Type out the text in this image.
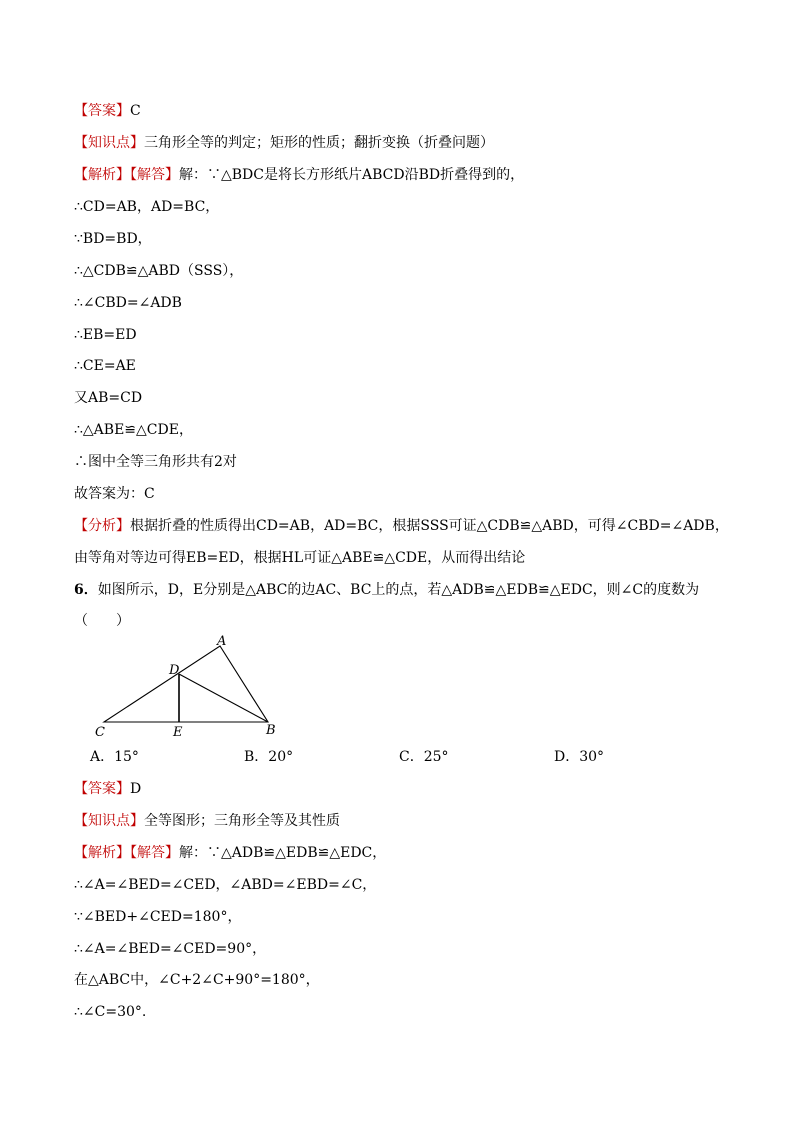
【答案】C
【知识点】三角形全等的判定；矩形的性质；翻折变换（折叠问题）
【解析】【解答】解：∵△BDC是将长方形纸片ABCD沿BD折叠得到的，
∴CD=AB，AD=BC，
∵BD=BD，
∴△CDB≌△ABD（SSS），
∴∠CBD=∠ADB
∴EB=ED
∴CE=AE
又AB=CD
∴△ABE≌△CDE，
∴图中全等三角形共有2对
故答案为：C
【分析】根据折叠的性质得出CD=AB，AD=BC，根据SSS可证△CDB≌△ABD，可得∠CBD=∠ADB，
由等角对等边可得EB=ED，根据HL可证△ABE≌△CDE，从而得出结论
6．如图所示，D，E分别是△ABC的边AC、BC上的点，若△ADB≌△EDB≌△EDC，则∠C的度数为
（　　）
A
D
C	E	B
A．15°	B．20°	C．25°	D．30°
【答案】D
【知识点】全等图形；三角形全等及其性质
【解析】【解答】解：∵△ADB≌△EDB≌△EDC，
∴∠A=∠BED=∠CED，∠ABD=∠EBD=∠C，
∵∠BED+∠CED=180°，
∴∠A=∠BED=∠CED=90°，
在△ABC中，∠C+2∠C+90°=180°，
∴∠C=30°.
